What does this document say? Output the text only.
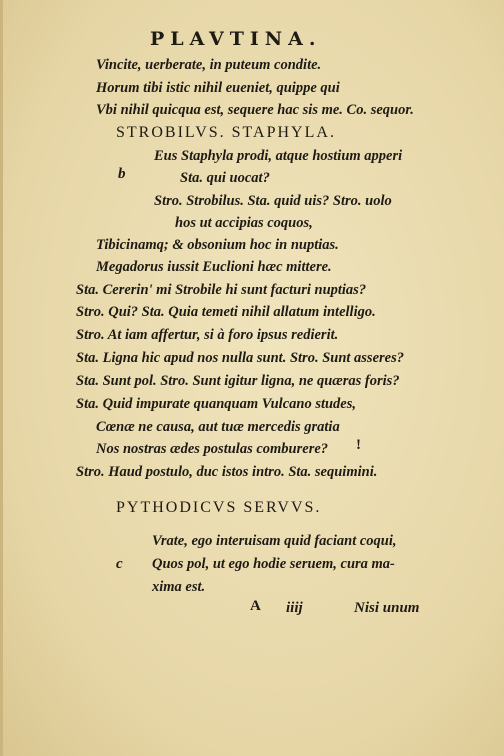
PLAVTINA.
Vincite, uerberate, in puteum condite.
Horum tibi istic nihil eueniet, quippe qui
Vbi nihil quicqua est, sequere hac sis me. Co. sequor.
STROBILVS. STAPHYLA.
Eus Staphyla prodi, atque hostium apperi
b	Sta. qui uocat?
Stro. Strobilus. Sta. quid uis? Stro. uolo
hos ut accipias coquos,
Tibicinamq; & obsonium hoc in nuptias.
Megadorus iussit Euclioni hæc mittere.
Sta. Cererin' mi Strobile hi sunt facturi nuptias?
Stro. Qui? Sta. Quia temeti nihil allatum intelligo.
Stro. At iam affertur, si à foro ipsus redierit.
Sta. Ligna hic apud nos nulla sunt. Stro. Sunt asseres?
Sta. Sunt pol. Stro. Sunt igitur ligna, ne quæras foris?
Sta. Quid impurate quanquam Vulcano studes,
Cœnæ ne causa, aut tuæ mercedis gratia
Nos nostras ædes postulas comburere? !
Stro. Haud postulo, duc istos intro. Sta. sequimini.
PYTHODICVS SERVVS.
Vrate, ego interuisam quid faciant coqui,
c Quos pol, ut ego hodie seruem, cura ma-
xima est.
A iiij	Nisi unum
